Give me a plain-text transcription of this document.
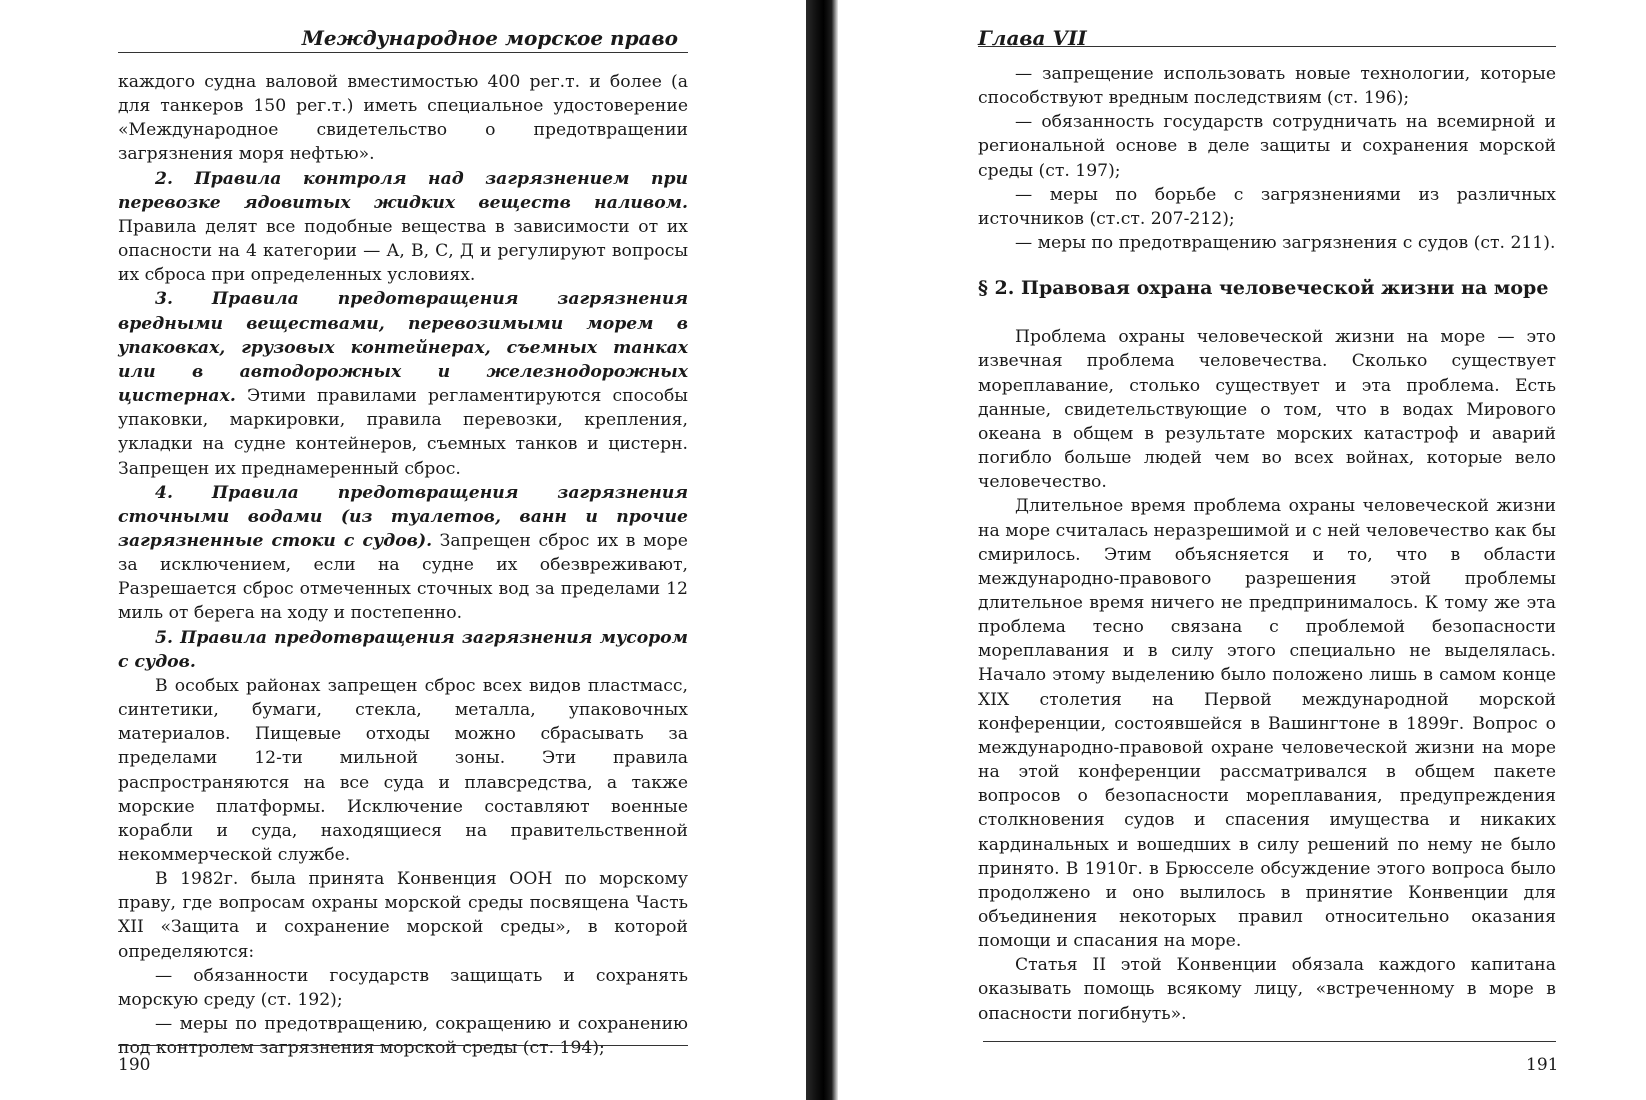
Международное морское право

каждого судна валовой вместимостью 400 рег.т. и более (а для танкеров 150 рег.т.) иметь специальное удостоверение «Международное свидетельство о предотвращении загрязнения моря нефтью».

2. Правила контроля над загрязнением при перевозке ядовитых жидких веществ наливом. Правила делят все подобные вещества в зависимости от их опасности на 4 категории — А, В, С, Д и регулируют вопросы их сброса при определенных условиях.

3. Правила предотвращения загрязнения вредными веществами, перевозимыми морем в упаковках, грузовых контейнерах, съемных танках или в автодорожных и железнодорожных цистернах. Этими правилами регламентируются способы упаковки, маркировки, правила перевозки, крепления, укладки на судне контейнеров, съемных танков и цистерн. Запрещен их преднамеренный сброс.

4. Правила предотвращения загрязнения сточными водами (из туалетов, ванн и прочие загрязненные стоки с судов). Запрещен сброс их в море за исключением, если на судне их обезвреживают, Разрешается сброс отмеченных сточных вод за пределами 12 миль от берега на ходу и постепенно.

5. Правила предотвращения загрязнения мусором с судов.

В особых районах запрещен сброс всех видов пластмасс, синтетики, бумаги, стекла, металла, упаковочных материалов. Пищевые отходы можно сбрасывать за пределами 12-ти мильной зоны. Эти правила распространяются на все суда и плавсредства, а также морские платформы. Исключение составляют военные корабли и суда, находящиеся на правительственной некоммерческой службе.

В 1982г. была принята Конвенция ООН по морскому праву, где вопросам охраны морской среды посвящена Часть XII «Защита и сохранение морской среды», в которой определяются:

— обязанности государств защищать и сохранять морскую среду (ст. 192);

— меры по предотвращению, сокращению и сохранению под контролем загрязнения морской среды (ст. 194);

190
Глава VII

— запрещение использовать новые технологии, которые способствуют вредным последствиям (ст. 196);

— обязанность государств сотрудничать на всемирной и региональной основе в деле защиты и сохранения морской среды (ст. 197);

— меры по борьбе с загрязнениями из различных источников (ст.ст. 207-212);

— меры по предотвращению загрязнения с судов (ст. 211).

§ 2. Правовая охрана человеческой жизни на море

Проблема охраны человеческой жизни на море — это извечная проблема человечества. Сколько существует мореплавание, столько существует и эта проблема. Есть данные, свидетельствующие о том, что в водах Мирового океана в общем в результате морских катастроф и аварий погибло больше людей чем во всех войнах, которые вело человечество.

Длительное время проблема охраны человеческой жизни на море считалась неразрешимой и с ней человечество как бы смирилось. Этим объясняется и то, что в области международно-правового разрешения этой проблемы длительное время ничего не предпринималось. К тому же эта проблема тесно связана с проблемой безопасности мореплавания и в силу этого специально не выделялась. Начало этому выделению было положено лишь в самом конце XIX столетия на Первой международной морской конференции, состоявшейся в Вашингтоне в 1899г. Вопрос о международно-правовой охране человеческой жизни на море на этой конференции рассматривался в общем пакете вопросов о безопасности мореплавания, предупреждения столкновения судов и спасения имущества и никаких кардинальных и вошедших в силу решений по нему не было принято. В 1910г. в Брюсселе обсуждение этого вопроса было продолжено и оно вылилось в принятие Конвенции для объединения некоторых правил относительно оказания помощи и спасания на море.

Статья II этой Конвенции обязала каждого капитана оказывать помощь всякому лицу, «встреченному в море в опасности погибнуть».

191
